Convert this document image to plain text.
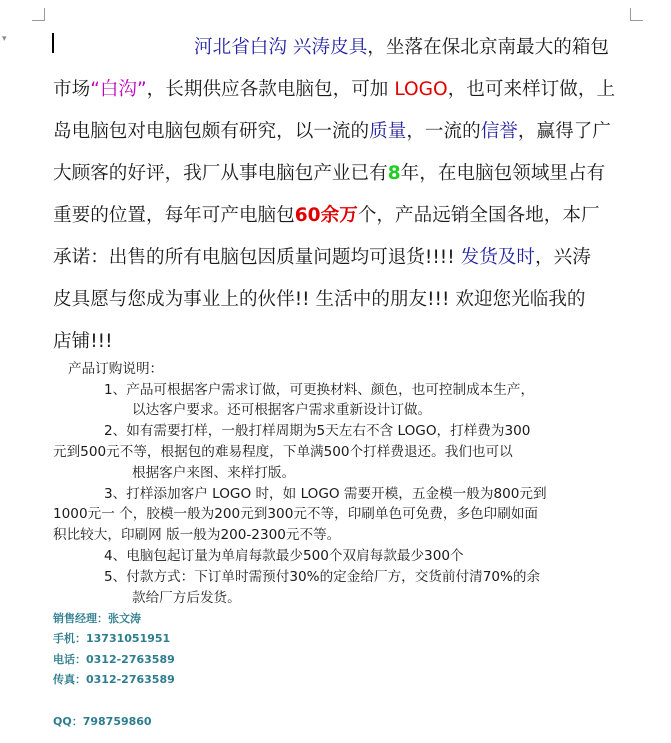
▾	河北省白沟 兴涛皮具，坐落在保北京南最大的箱包
市场“白沟”，长期供应各款电脑包，可加 LOGO，也可来样订做，上
岛电脑包对电脑包颇有研究，以一流的质量，一流的信誉，赢得了广
大顾客的好评，我厂从事电脑包产业已有8年，在电脑包领域里占有
重要的位置，每年可产电脑包60余万个，产品远销全国各地，本厂
承诺：出售的所有电脑包因质量问题均可退货!!!! 发货及时，兴涛
皮具愿与您成为事业上的伙伴!! 生活中的朋友!!! 欢迎您光临我的
店铺!!!
产品订购说明：
1、产品可根据客户需求订做，可更换材料、颜色，也可控制成本生产，
以达客户要求。还可根据客户需求重新设计订做。
2、如有需要打样，一般打样周期为5天左右不含 LOGO，打样费为300
元到500元不等，根据包的难易程度，下单满500个打样费退还。我们也可以
根据客户来图、来样打版。
3、打样添加客户 LOGO 时，如 LOGO 需要开模，五金模一般为800元到
1000元一 个，胶模一般为200元到300元不等，印刷单色可免费，多色印刷如面
积比较大，印刷网 版一般为200-2300元不等。
4、电脑包起订量为单肩每款最少500个双肩每款最少300个
5、付款方式：下订单时需预付30%的定金给厂方，交货前付清70%的余
款给厂方后发货。
销售经理：张文涛
手机：13731051951
电话：0312-2763589
传真：0312-2763589
QQ：798759860
